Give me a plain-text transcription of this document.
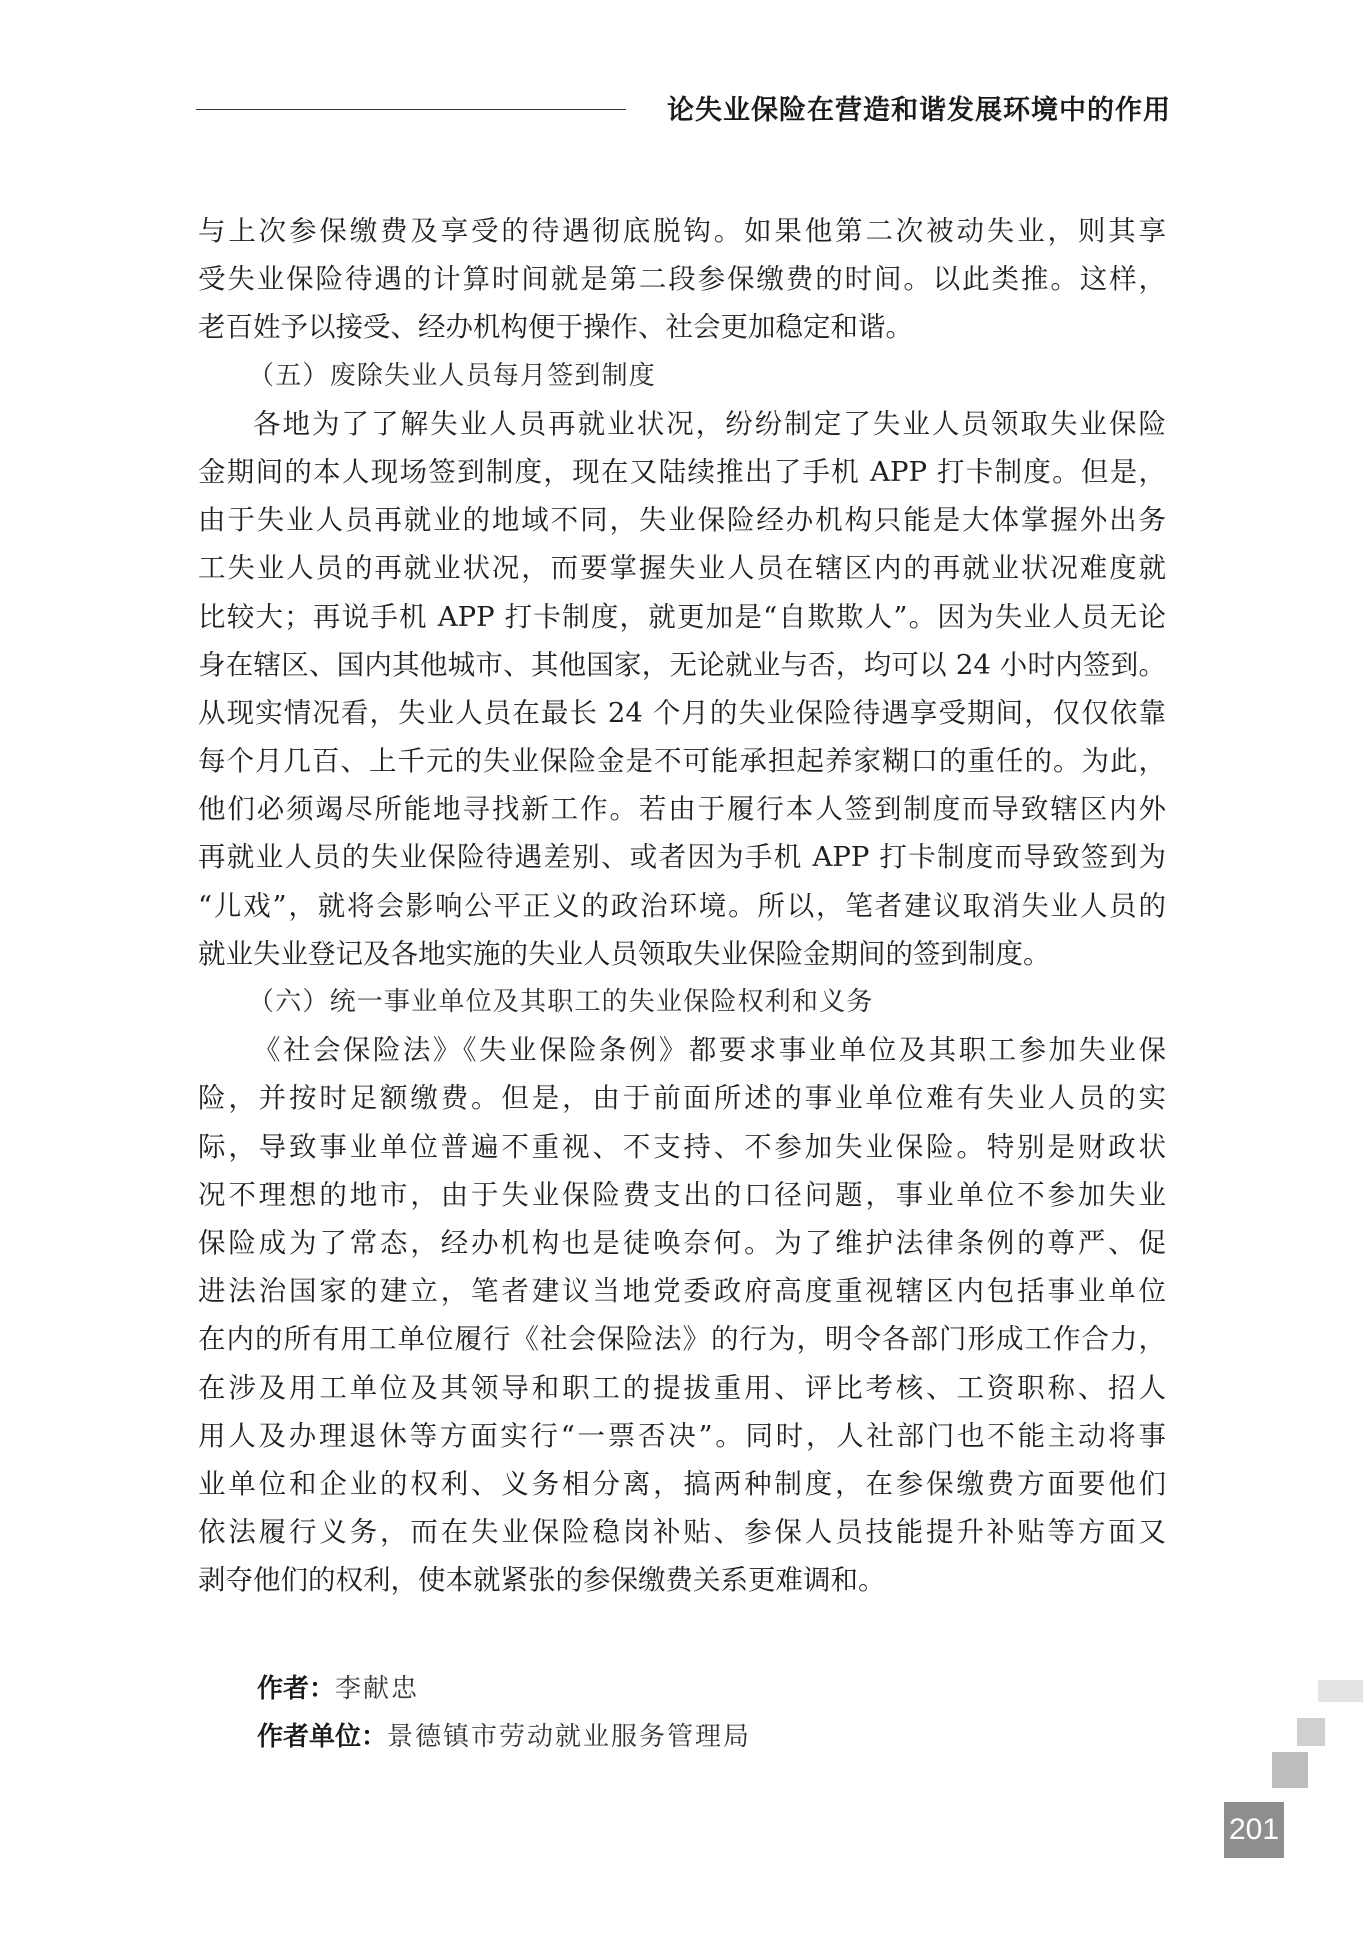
论失业保险在营造和谐发展环境中的作用
与上次参保缴费及享受的待遇彻底脱钩。如果他第二次被动失业，则其享
受失业保险待遇的计算时间就是第二段参保缴费的时间。以此类推。这样，
老百姓予以接受、经办机构便于操作、社会更加稳定和谐。
（五）废除失业人员每月签到制度
各地为了了解失业人员再就业状况，纷纷制定了失业人员领取失业保险
金期间的本人现场签到制度，现在又陆续推出了手机 APP 打卡制度。但是，
由于失业人员再就业的地域不同，失业保险经办机构只能是大体掌握外出务
工失业人员的再就业状况，而要掌握失业人员在辖区内的再就业状况难度就
比较大；再说手机 APP 打卡制度，就更加是“自欺欺人”。因为失业人员无论
身在辖区、国内其他城市、其他国家，无论就业与否，均可以 24 小时内签到。
从现实情况看，失业人员在最长 24 个月的失业保险待遇享受期间，仅仅依靠
每个月几百、上千元的失业保险金是不可能承担起养家糊口的重任的。为此，
他们必须竭尽所能地寻找新工作。若由于履行本人签到制度而导致辖区内外
再就业人员的失业保险待遇差别、或者因为手机 APP 打卡制度而导致签到为
“儿戏”，就将会影响公平正义的政治环境。所以，笔者建议取消失业人员的
就业失业登记及各地实施的失业人员领取失业保险金期间的签到制度。
（六）统一事业单位及其职工的失业保险权利和义务
《社会保险法》《失业保险条例》都要求事业单位及其职工参加失业保
险，并按时足额缴费。但是，由于前面所述的事业单位难有失业人员的实
际，导致事业单位普遍不重视、不支持、不参加失业保险。特别是财政状
况不理想的地市，由于失业保险费支出的口径问题，事业单位不参加失业
保险成为了常态，经办机构也是徒唤奈何。为了维护法律条例的尊严、促
进法治国家的建立，笔者建议当地党委政府高度重视辖区内包括事业单位
在内的所有用工单位履行《社会保险法》的行为，明令各部门形成工作合力，
在涉及用工单位及其领导和职工的提拔重用、评比考核、工资职称、招人
用人及办理退休等方面实行“一票否决”。同时，人社部门也不能主动将事
业单位和企业的权利、义务相分离，搞两种制度，在参保缴费方面要他们
依法履行义务，而在失业保险稳岗补贴、参保人员技能提升补贴等方面又
剥夺他们的权利，使本就紧张的参保缴费关系更难调和。
作者：李献忠
作者单位：景德镇市劳动就业服务管理局
201
